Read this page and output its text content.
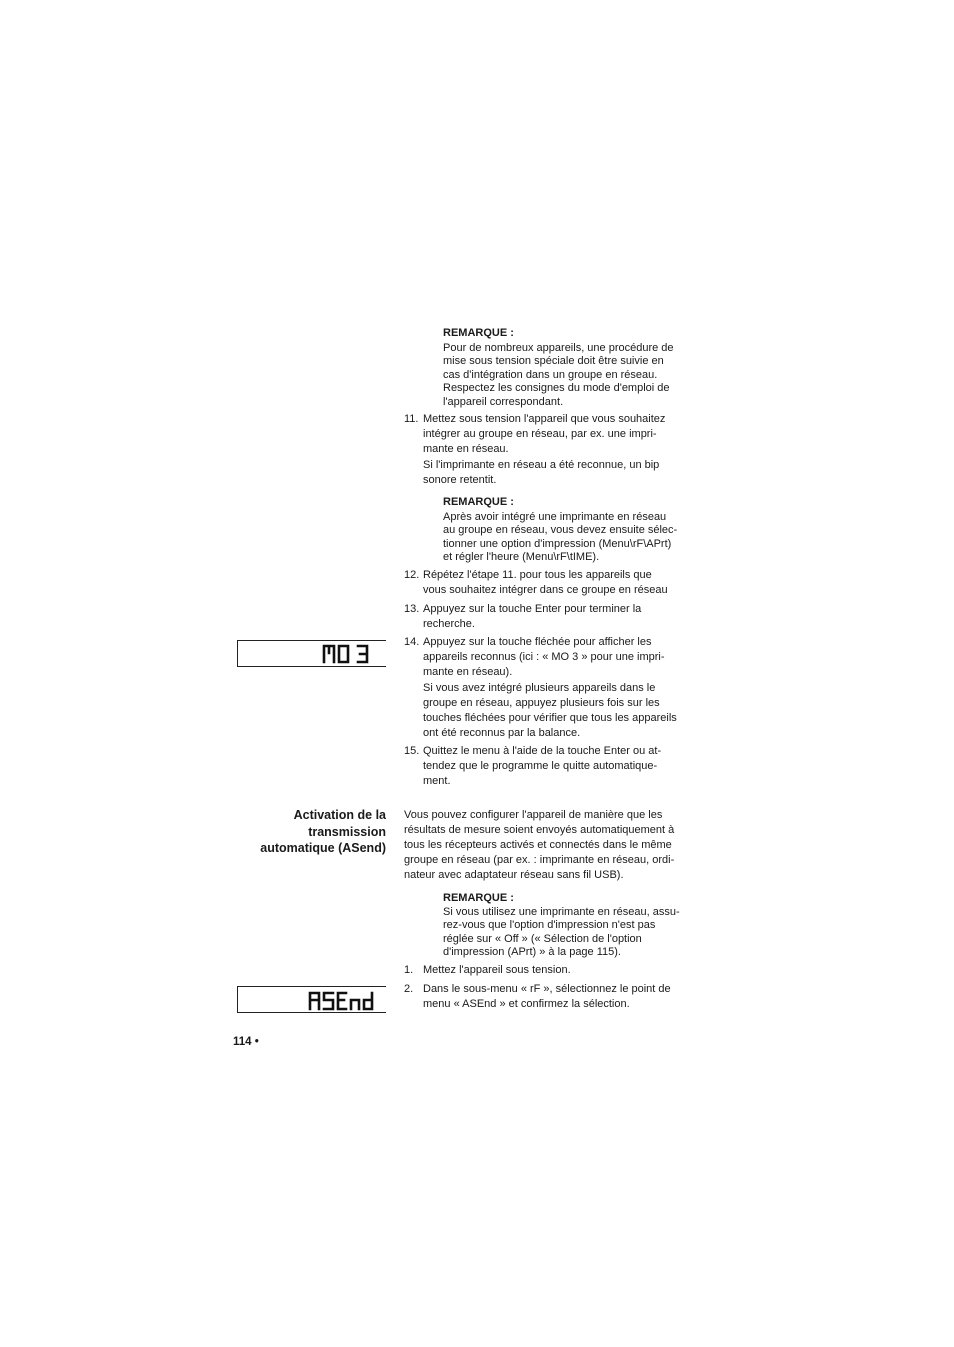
REMARQUE :
Pour de nombreux appareils, une procédure de
mise sous tension spéciale doit être suivie en
cas d'intégration dans un groupe en réseau.
Respectez les consignes du mode d'emploi de
l'appareil correspondant.
11. Mettez sous tension l'appareil que vous souhaitez
intégrer au groupe en réseau, par ex. une impri-
mante en réseau.
Si l'imprimante en réseau a été reconnue, un bip
sonore retentit.
REMARQUE :
Après avoir intégré une imprimante en réseau
au groupe en réseau, vous devez ensuite sélec-
tionner une option d'impression (Menu\rF\APrt)
et régler l'heure (Menu\rF\tIME).
12. Répétez l'étape 11. pour tous les appareils que
vous souhaitez intégrer dans ce groupe en réseau
13. Appuyez sur la touche Enter pour terminer la
recherche.
14. Appuyez sur la touche fléchée pour afficher les
appareils reconnus (ici : « MO 3 » pour une impri-
mante en réseau).
Si vous avez intégré plusieurs appareils dans le
groupe en réseau, appuyez plusieurs fois sur les
touches fléchées pour vérifier que tous les appareils
ont été reconnus par la balance.
15. Quittez le menu à l'aide de la touche Enter ou at-
tendez que le programme le quitte automatique-
ment.
Activation de la
transmission
automatique (ASend)
Vous pouvez configurer l'appareil de manière que les
résultats de mesure soient envoyés automatiquement à
tous les récepteurs activés et connectés dans le même
groupe en réseau (par ex. : imprimante en réseau, ordi-
nateur avec adaptateur réseau sans fil USB).
REMARQUE :
Si vous utilisez une imprimante en réseau, assu-
rez-vous que l'option d'impression n'est pas
réglée sur « Off » (« Sélection de l'option
d'impression (APrt) » à la page 115).
1. Mettez l'appareil sous tension.
2. Dans le sous-menu « rF », sélectionnez le point de
menu « ASEnd » et confirmez la sélection.
114 •
